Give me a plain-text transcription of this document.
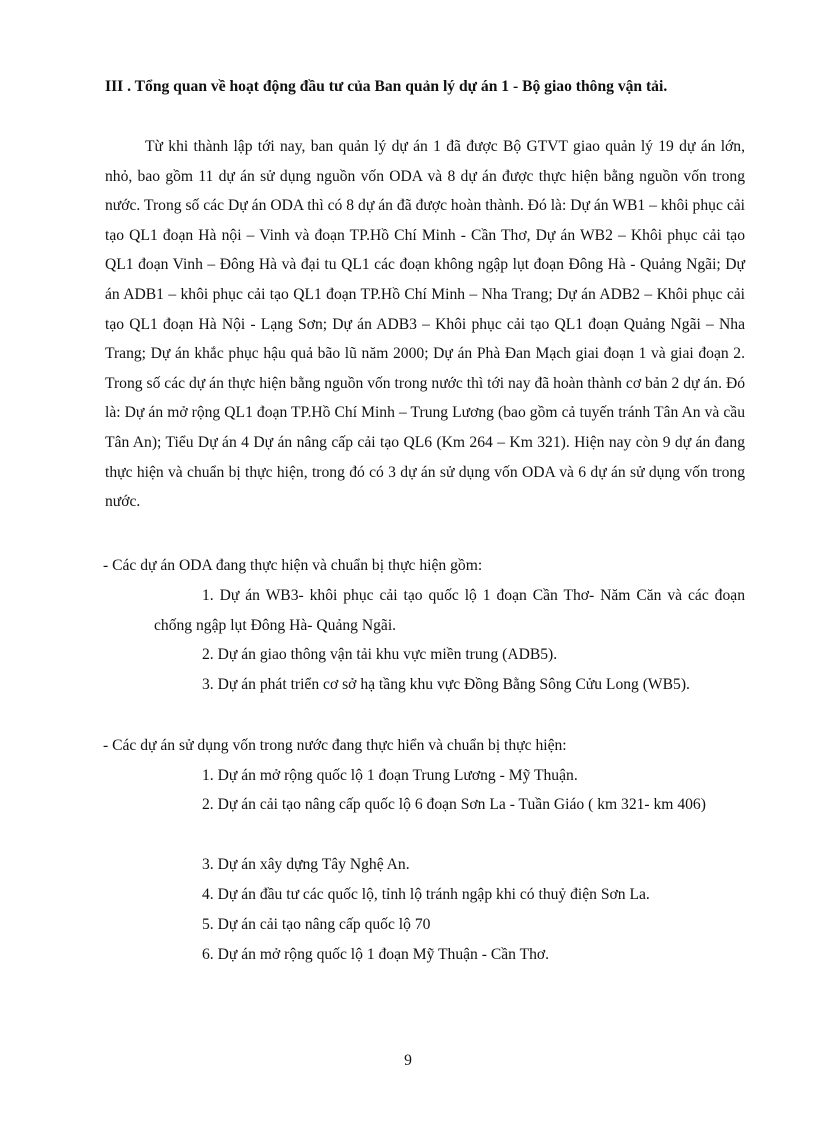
III . Tổng quan về hoạt động đầu tư của Ban quản lý dự án 1 - Bộ giao thông vận tải.

Từ khi thành lập tới nay, ban quản lý dự án 1 đã được Bộ GTVT giao quản lý 19 dự án lớn, nhỏ, bao gồm 11 dự án sử dụng nguồn vốn ODA và 8 dự án được thực hiện bằng nguồn vốn trong nước. Trong số các Dự án ODA thì có 8 dự án đã được hoàn thành. Đó là: Dự án WB1 – khôi phục cải tạo QL1 đoạn Hà nội – Vinh và đoạn TP.Hồ Chí Minh - Cần Thơ, Dự án WB2 – Khôi phục cải tạo QL1 đoạn Vinh – Đông Hà và đại tu QL1 các đoạn không ngập lụt đoạn Đông Hà - Quảng Ngãi; Dự án ADB1 – khôi phục cải tạo QL1 đoạn TP.Hồ Chí Minh – Nha Trang; Dự án ADB2 – Khôi phục cải tạo QL1 đoạn Hà Nội - Lạng Sơn; Dự án ADB3 – Khôi phục cải tạo QL1 đoạn Quảng Ngãi – Nha Trang; Dự án khắc phục hậu quả bão lũ năm 2000; Dự án Phà Đan Mạch giai đoạn 1 và giai đoạn 2. Trong số các dự án thực hiện bằng nguồn vốn trong nước thì tới nay đã hoàn thành cơ bản 2 dự án. Đó là: Dự án mở rộng QL1 đoạn TP.Hồ Chí Minh – Trung Lương (bao gồm cả tuyến tránh Tân An và cầu Tân An); Tiểu Dự án 4 Dự án nâng cấp cải tạo QL6 (Km 264 – Km 321). Hiện nay còn 9 dự án đang thực hiện và chuẩn bị thực hiện, trong đó có 3 dự án sử dụng vốn ODA và 6 dự án sử dụng vốn trong nước.

- Các dự án ODA đang thực hiện và chuẩn bị thực hiện gồm:

1. Dự án WB3- khôi phục cải tạo quốc lộ 1 đoạn Cần Thơ- Năm Căn và các đoạn chống ngập lụt Đông Hà- Quảng Ngãi.

2. Dự án giao thông vận tải khu vực miền trung (ADB5).

3. Dự án phát triển cơ sở hạ tầng khu vực Đồng Bằng Sông Cửu Long (WB5).

- Các dự án sử dụng vốn trong nước đang thực hiển và chuẩn bị thực hiện:

1. Dự án mở rộng quốc lộ 1 đoạn Trung Lương - Mỹ Thuận.

2. Dự án cải tạo nâng cấp quốc lộ 6 đoạn Sơn La - Tuần Giáo ( km 321- km 406)

3. Dự án xây dựng Tây Nghệ An.

4. Dự án đầu tư các quốc lộ, tỉnh lộ tránh ngập khi có thuỷ điện Sơn La.

5. Dự án cải tạo nâng cấp quốc lộ 70

6. Dự án mở rộng quốc lộ 1 đoạn Mỹ Thuận - Cần Thơ.

9
